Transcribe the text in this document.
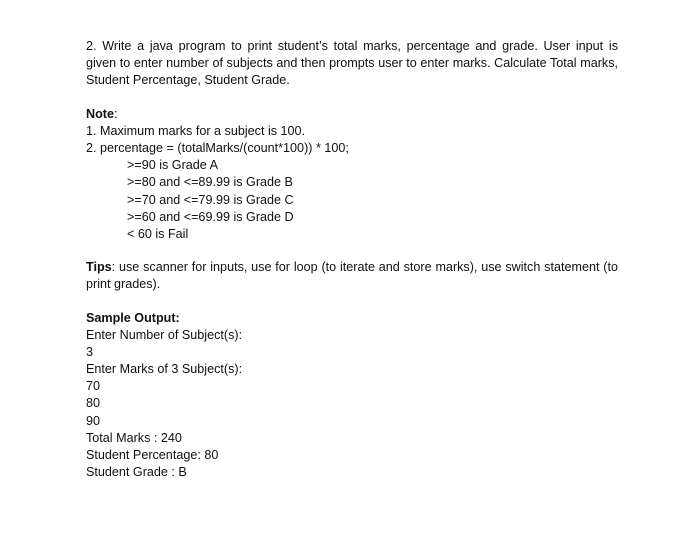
2. Write a java program to print student’s total marks, percentage and grade. User input is given to enter number of subjects and then prompts user to enter marks. Calculate Total marks, Student Percentage, Student Grade.

Note:

1. Maximum marks for a subject is 100.

2. percentage = (totalMarks/(count*100)) * 100;

>=90 is Grade A

>=80 and <=89.99 is Grade B

>=70 and <=79.99 is Grade C

>=60 and <=69.99 is Grade D

< 60 is Fail

Tips: use scanner for inputs, use for loop (to iterate and store marks), use switch statement (to print grades).

Sample Output:

Enter Number of Subject(s):

3

Enter Marks of 3 Subject(s):

70

80

90

Total Marks : 240

Student Percentage: 80

Student Grade : B
